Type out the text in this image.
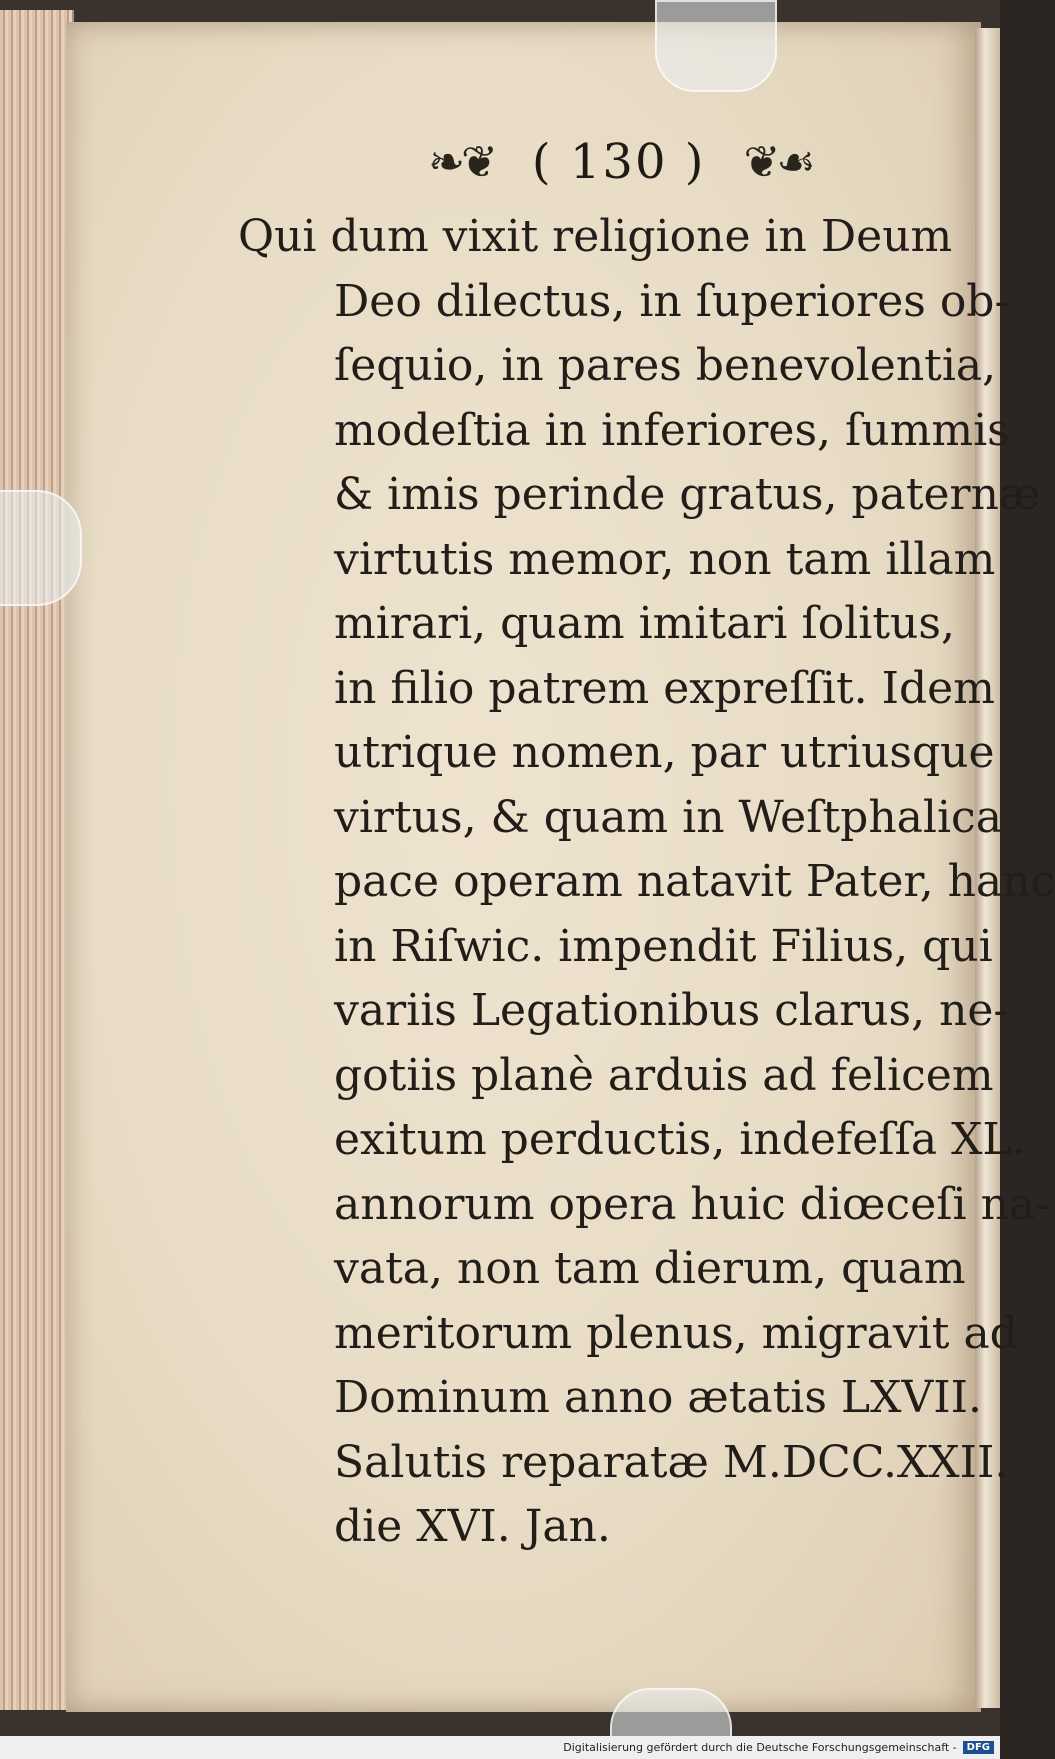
❧❦ ( 130 ) ❦☙
Qui dum vixit religione in Deum
Deo dilectus, in ſuperiores ob-
ſequio, in pares benevolentia,
modeſtia in inferiores, ſummis
& imis perinde gratus, paternæ
virtutis memor, non tam illam
mirari, quam imitari ſolitus,
in filio patrem expreſſit. Idem
utrique nomen, par utriusque
virtus, & quam in Weſtphalica
pace operam natavit Pater, hanc
in Riſwic. impendit Filius, qui
variis Legationibus clarus, ne-
gotiis planè arduis ad felicem
exitum perductis, indefeſſa XL.
annorum opera huic diœceſi na-
vata, non tam dierum, quam
meritorum plenus, migravit ad
Dominum anno ætatis LXVII.
Salutis reparatæ M.DCC.XXII.
die XVI. Jan.
Digitalisierung gefördert durch die Deutsche Forschungsgemeinschaft -	DFG
